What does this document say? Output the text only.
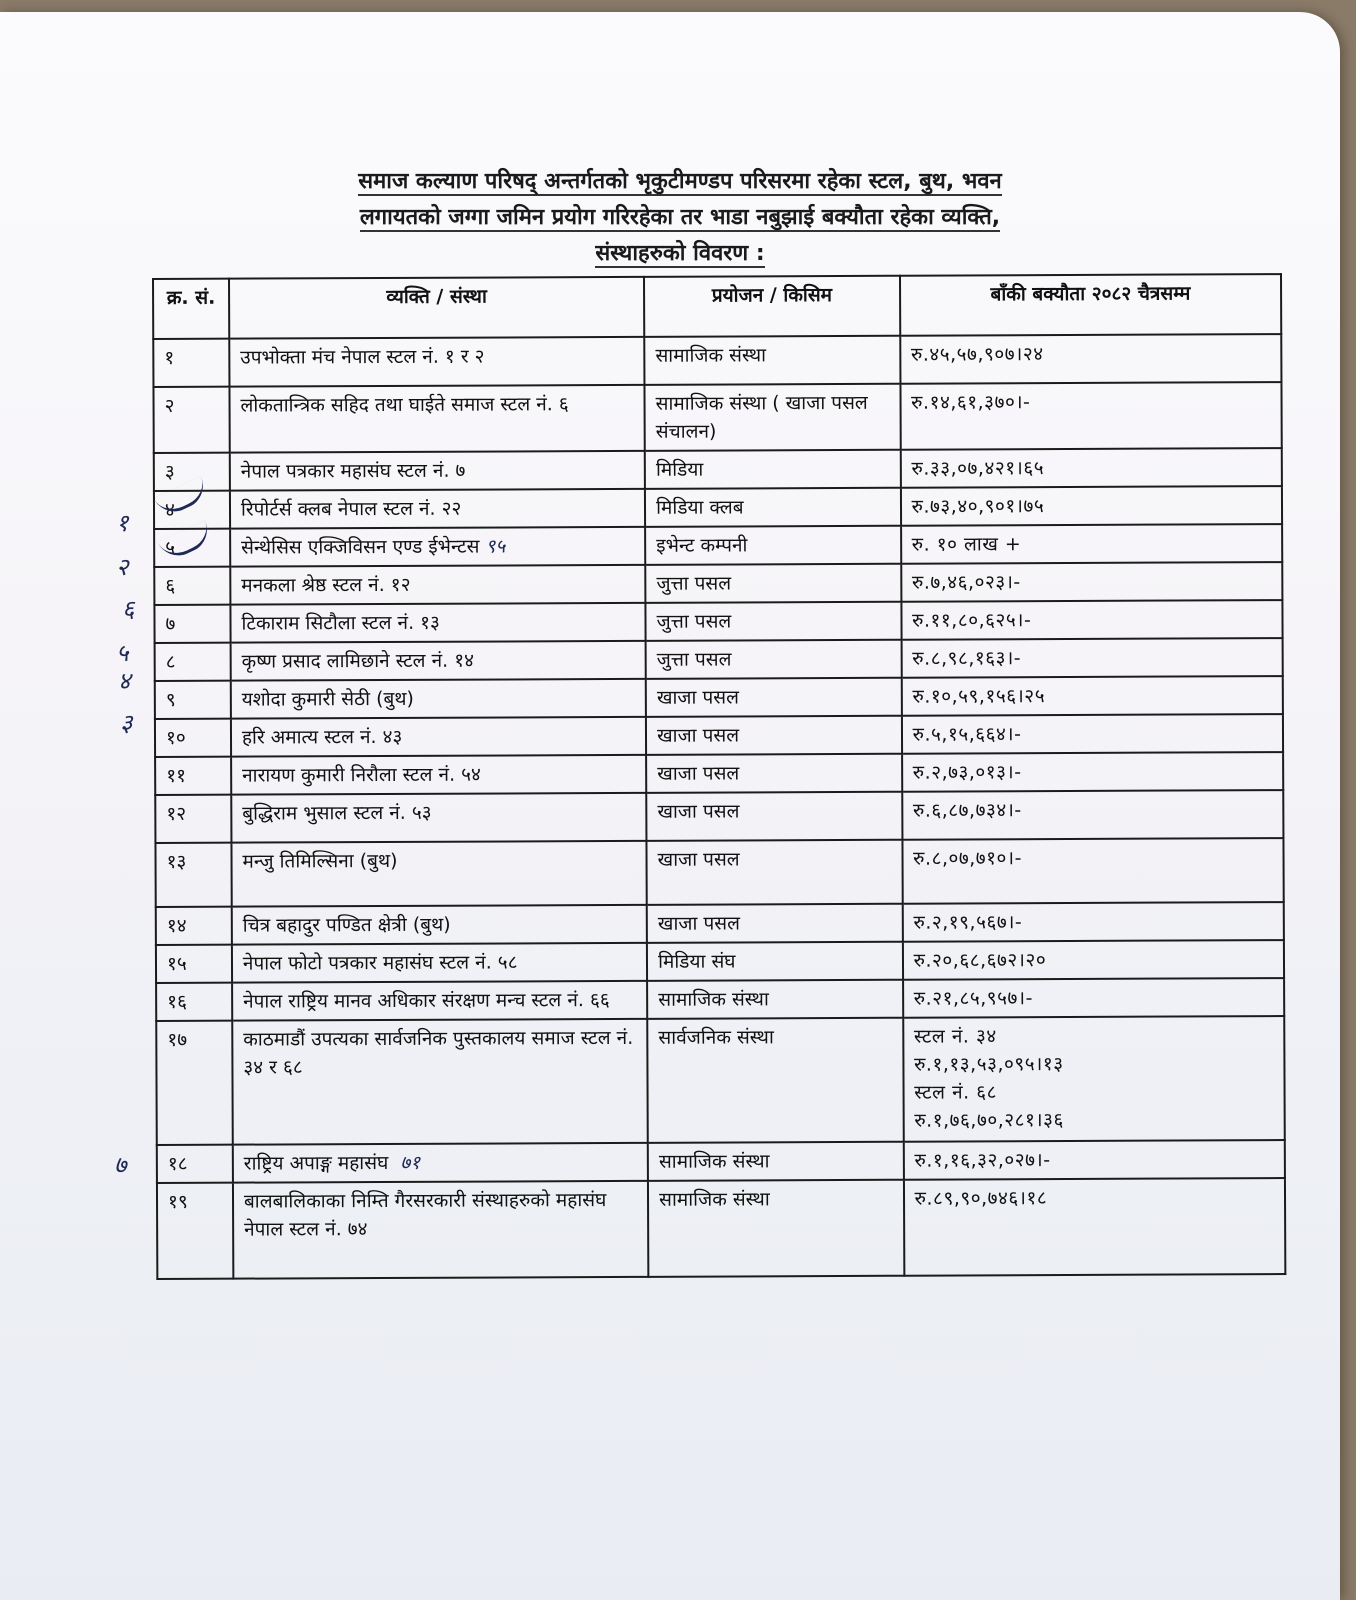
समाज कल्याण परिषद् अन्तर्गतको भृकुटीमण्डप परिसरमा रहेका स्टल, बुथ, भवन
लगायतको जग्गा जमिन प्रयोग गरिरहेका तर भाडा नबुझाई बक्यौता रहेका व्यक्ति,
संस्थाहरुको विवरण :
क्र. सं.	व्यक्ति / संस्था	प्रयोजन / किसिम	बाँकी बक्यौता २०८२ चैत्रसम्म
१	उपभोक्ता मंच नेपाल स्टल नं. १ र २	सामाजिक संस्था	रु.४५,५७,९०७।२४
२	लोकतान्त्रिक सहिद तथा घाईते समाज स्टल नं. ६	सामाजिक संस्था ( खाजा पसल संचालन)	रु.१४,६१,३७०।-
३	नेपाल पत्रकार महासंघ स्टल नं. ७	मिडिया	रु.३३,०७,४२१।६५
४	रिपोर्टर्स क्लब नेपाल स्टल नं. २२	मिडिया क्लब	रु.७३,४०,९०१।७५
५	सेन्थेसिस एक्जिविसन एण्ड ईभेन्टस ९५	इभेन्ट कम्पनी	रु. १० लाख +
६	मनकला श्रेष्ठ स्टल नं. १२	जुत्ता पसल	रु.७,४६,०२३।-
७	टिकाराम सिटौला स्टल नं. १३	जुत्ता पसल	रु.११,८०,६२५।-
८	कृष्ण प्रसाद लामिछाने स्टल नं. १४	जुत्ता पसल	रु.८,९८,१६३।-
९	यशोदा कुमारी सेठी (बुथ)	खाजा पसल	रु.१०,५९,१५६।२५
१०	हरि अमात्य स्टल नं. ४३	खाजा पसल	रु.५,१५,६६४।-
११	नारायण कुमारी निरौला स्टल नं. ५४	खाजा पसल	रु.२,७३,०१३।-
१२	बुद्धिराम भुसाल स्टल नं. ५३	खाजा पसल	रु.६,८७,७३४।-
१३	मन्जु तिमिल्सिना (बुथ)	खाजा पसल	रु.८,०७,७१०।-
१४	चित्र बहादुर पण्डित क्षेत्री (बुथ)	खाजा पसल	रु.२,१९,५६७।-
१५	नेपाल फोटो पत्रकार महासंघ स्टल नं. ५८	मिडिया संघ	रु.२०,६८,६७२।२०
१६	नेपाल राष्ट्रिय मानव अधिकार संरक्षण मन्च स्टल नं. ६६	सामाजिक संस्था	रु.२१,८५,९५७।-
१७	काठमाडौं उपत्यका सार्वजनिक पुस्तकालय समाज स्टल नं. ३४ र ६८	सार्वजनिक संस्था	स्टल नं. ३४
रु.१,१३,५३,०९५।१३
स्टल नं. ६८
रु.१,७६,७०,२८१।३६

१८	राष्ट्रिय अपाङ्ग महासंघ ७१	सामाजिक संस्था	रु.१,१६,३२,०२७।-
१९	बालबालिकाका निम्ति गैरसरकारी संस्थाहरुको महासंघ नेपाल स्टल नं. ७४	सामाजिक संस्था	रु.८९,९०,७४६।१८
१
२
६
५
४
३
७
